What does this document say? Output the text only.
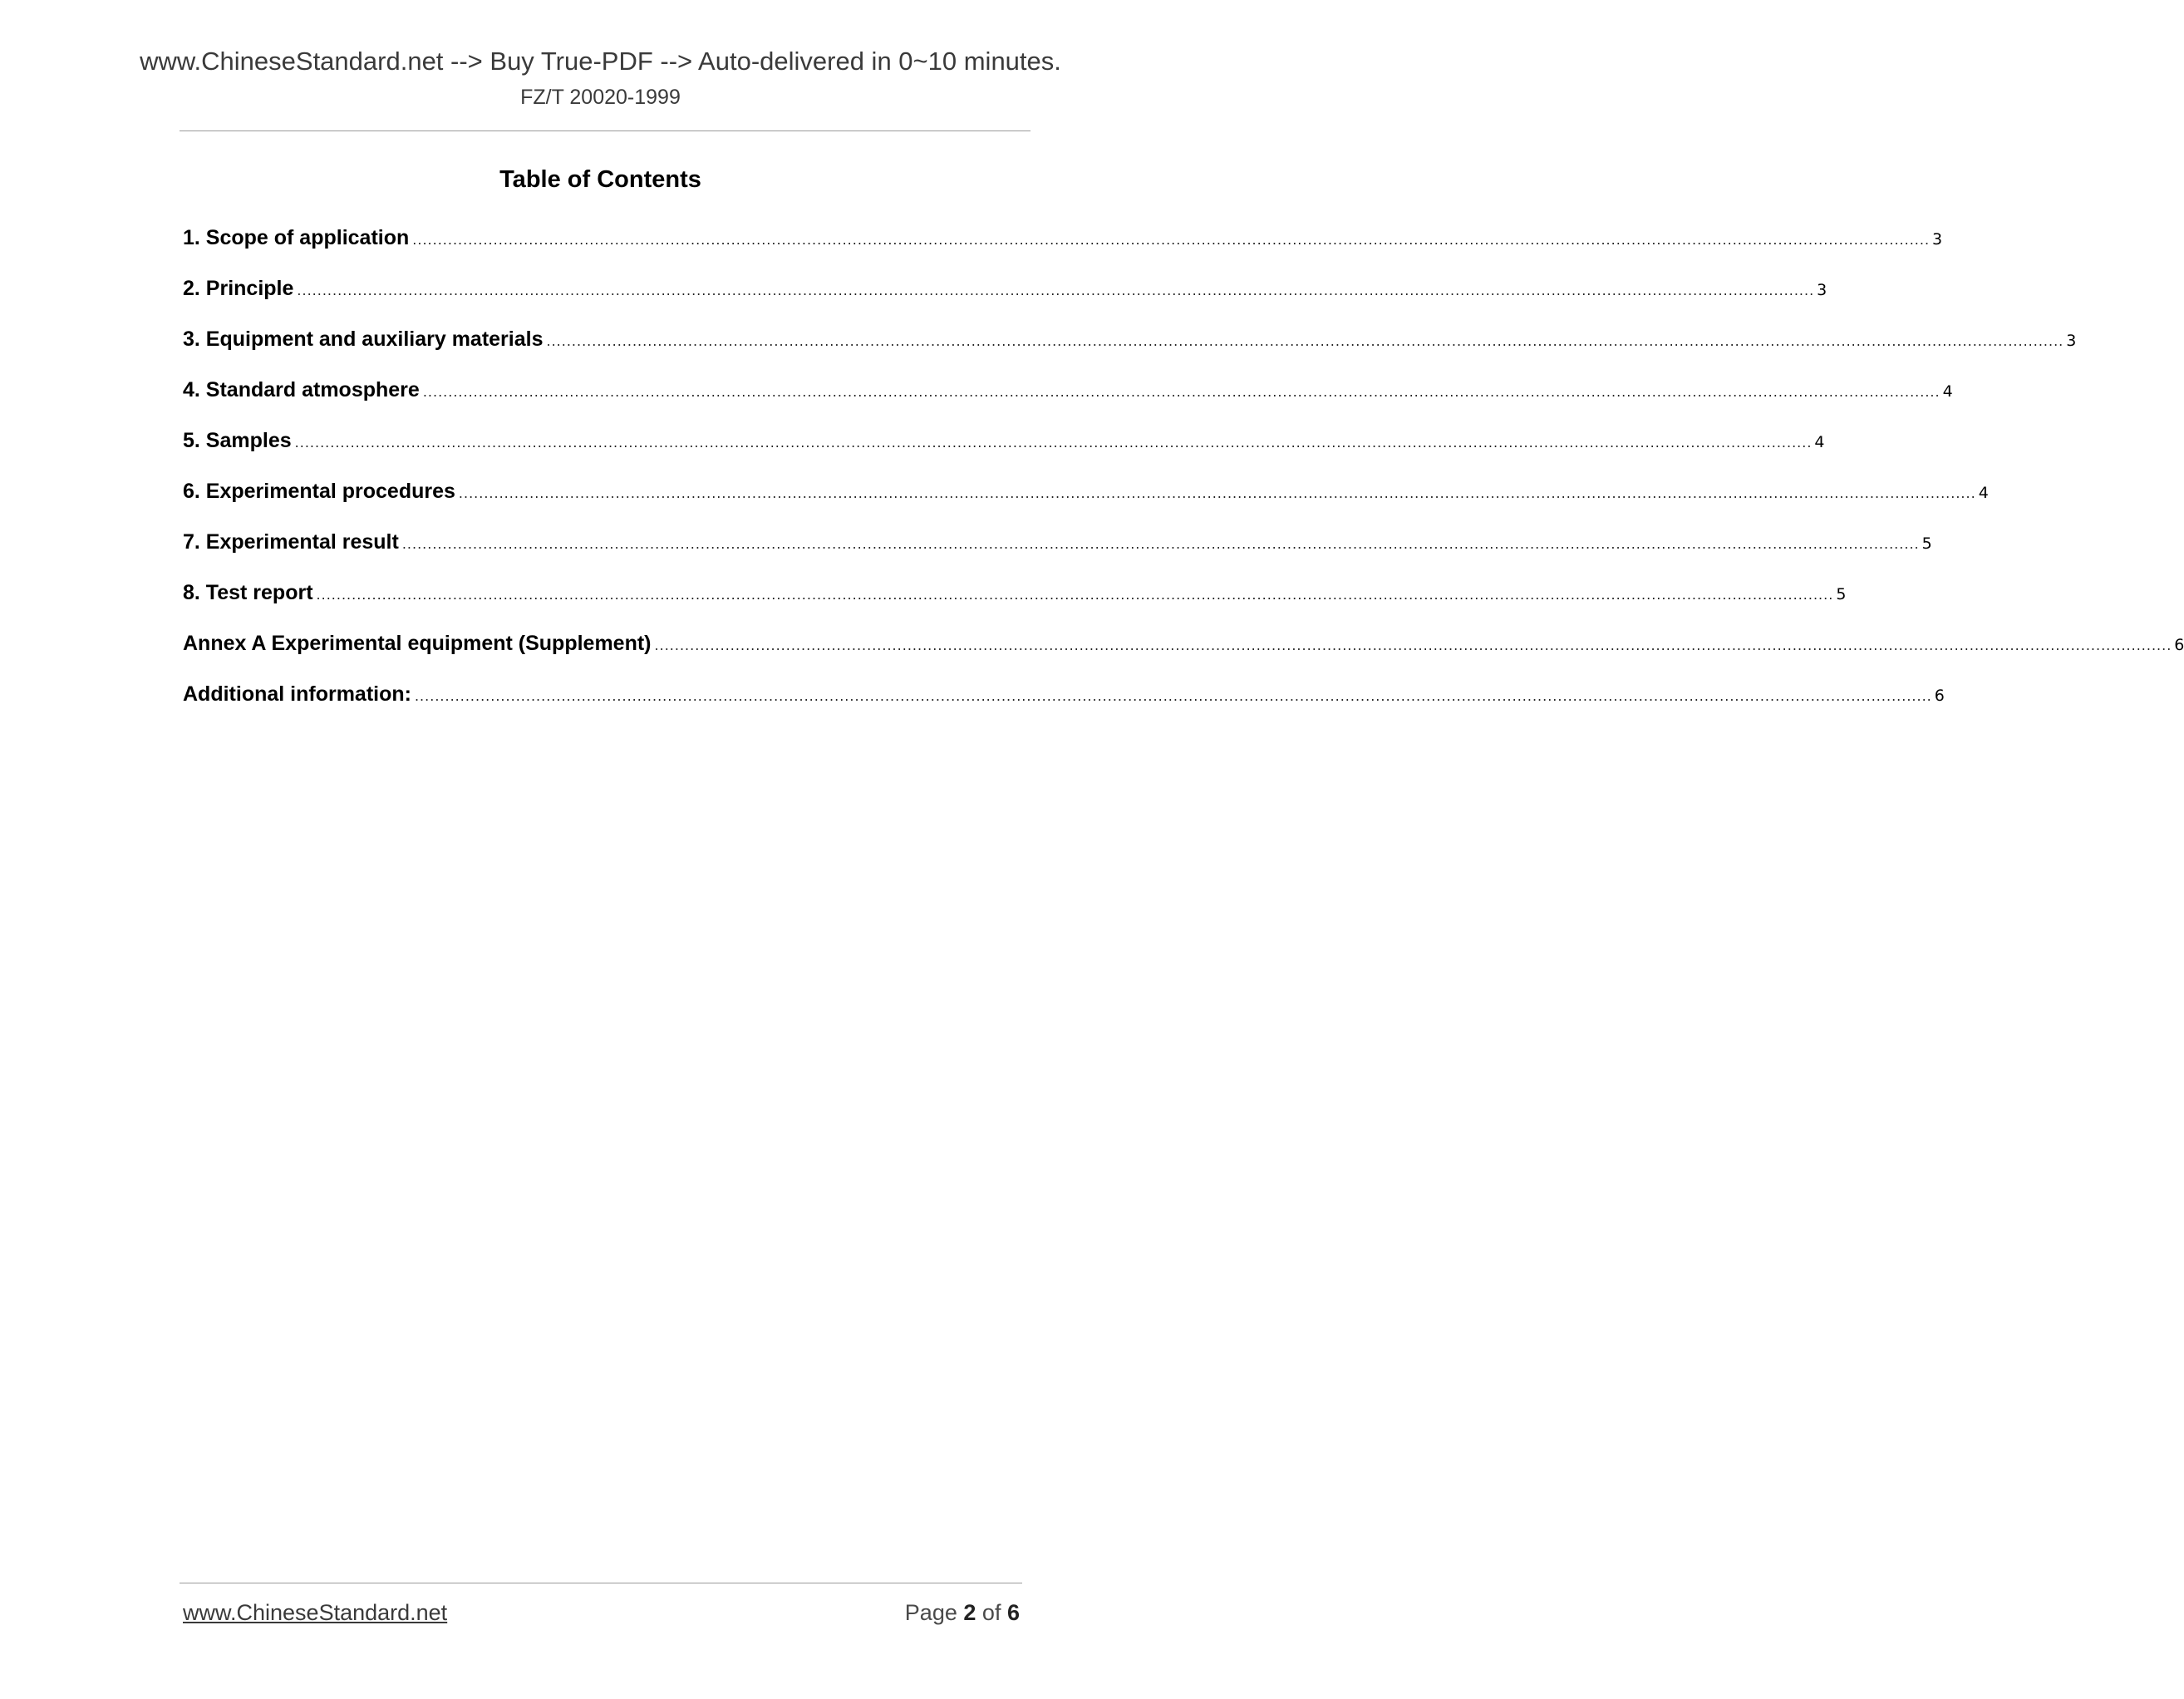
www.ChineseStandard.net --> Buy True-PDF --> Auto-delivered in 0~10 minutes.
FZ/T 20020-1999
Table of Contents
1. Scope of application ............................................................................................................................................................................................................................................................................................................ 3
2. Principle ............................................................................................................................................................................................................................................................................................................ 3
3. Equipment and auxiliary materials ............................................................................................................................................................................................................................................................................................................ 3
4. Standard atmosphere ............................................................................................................................................................................................................................................................................................................ 4
5. Samples ............................................................................................................................................................................................................................................................................................................ 4
6. Experimental procedures ............................................................................................................................................................................................................................................................................................................ 4
7. Experimental result ............................................................................................................................................................................................................................................................................................................ 5
8. Test report ............................................................................................................................................................................................................................................................................................................ 5
Annex A Experimental equipment (Supplement) ............................................................................................................................................................................................................................................................................................................ 6
Additional information: ............................................................................................................................................................................................................................................................................................................ 6
www.ChineseStandard.net	Page 2 of 6
